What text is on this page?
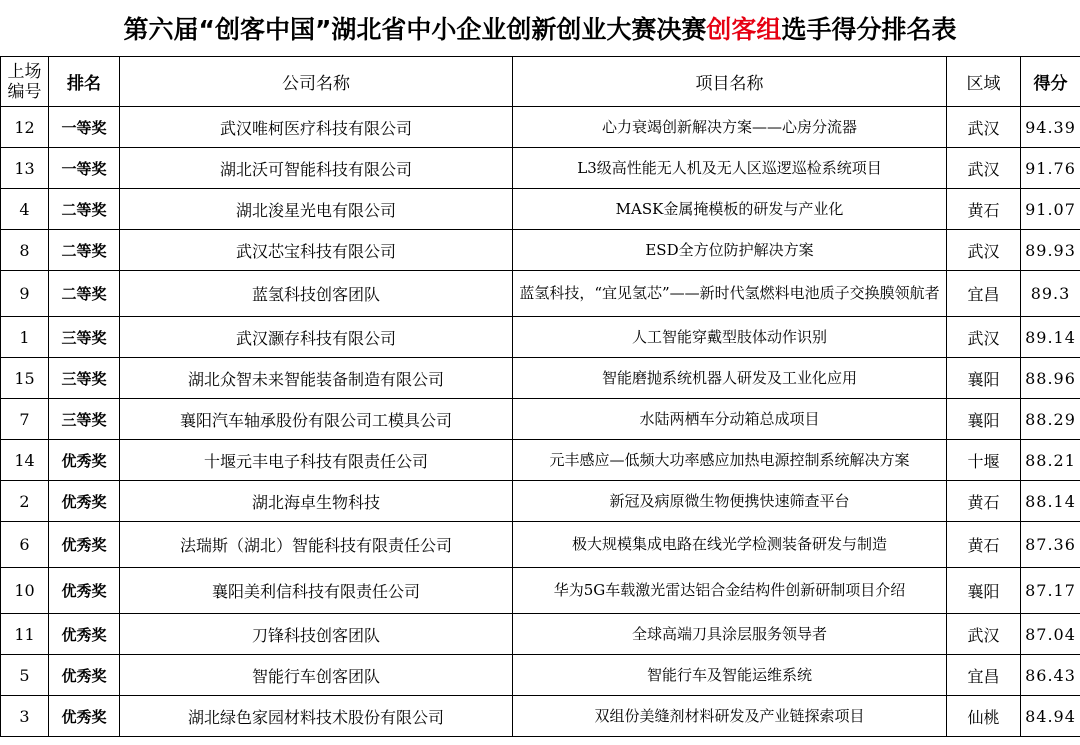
第六届“创客中国”湖北省中小企业创新创业大赛决赛 创客组 选手得分排名表
上场编号	排名	公司名称	项目名称	区域	得分
12	一等奖	武汉唯柯医疗科技有限公司	心力衰竭创新解决方案——心房分流器	武汉	94.39
13	一等奖	湖北沃可智能科技有限公司	L3级高性能无人机及无人区巡逻巡检系统项目	武汉	91.76
4	二等奖	湖北浚星光电有限公司	MASK金属掩模板的研发与产业化	黄石	91.07
8	二等奖	武汉芯宝科技有限公司	ESD全方位防护解决方案	武汉	89.93
9	二等奖	蓝氢科技创客团队	蓝氢科技，“宜见氢芯”——新时代氢燃料电池质子交换膜领航者	宜昌	89.3
1	三等奖	武汉灏存科技有限公司	人工智能穿戴型肢体动作识别	武汉	89.14
15	三等奖	湖北众智未来智能装备制造有限公司	智能磨抛系统机器人研发及工业化应用	襄阳	88.96
7	三等奖	襄阳汽车轴承股份有限公司工模具公司	水陆两栖车分动箱总成项目	襄阳	88.29
14	优秀奖	十堰元丰电子科技有限责任公司	元丰感应—低频大功率感应加热电源控制系统解决方案	十堰	88.21
2	优秀奖	湖北海卓生物科技	新冠及病原微生物便携快速筛查平台	黄石	88.14
6	优秀奖	法瑞斯（湖北）智能科技有限责任公司	极大规模集成电路在线光学检测装备研发与制造	黄石	87.36
10	优秀奖	襄阳美利信科技有限责任公司	华为5G车载激光雷达铝合金结构件创新研制项目介绍	襄阳	87.17
11	优秀奖	刀锋科技创客团队	全球高端刀具涂层服务领导者	武汉	87.04
5	优秀奖	智能行车创客团队	智能行车及智能运维系统	宜昌	86.43
3	优秀奖	湖北绿色家园材料技术股份有限公司	双组份美缝剂材料研发及产业链探索项目	仙桃	84.94
